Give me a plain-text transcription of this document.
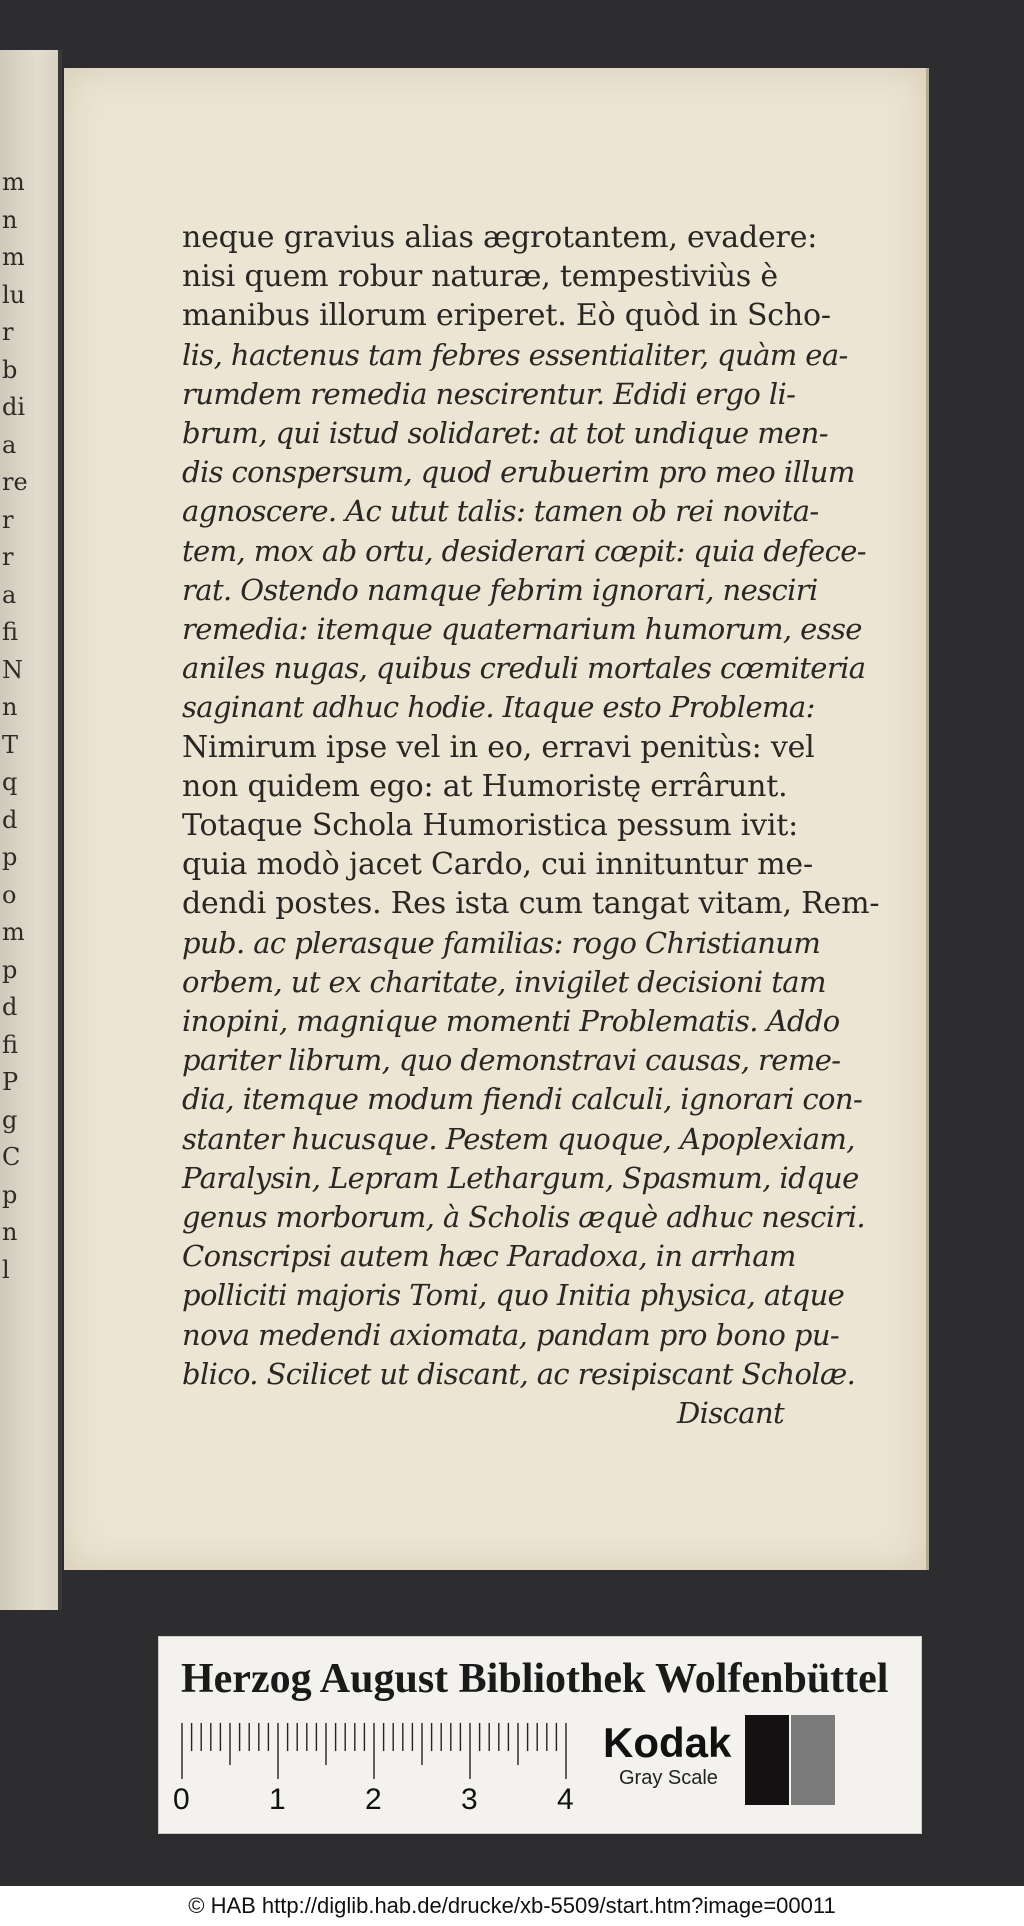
m
n
m
lu
r
b
di
a
re
r
r
a
fi
N
n
T
q
d
p
o
m
p
d
fi
P
g
C
p
n
l
neque gravius alias ægrotantem, evadere:
nisi quem robur naturæ, tempestiviùs è
manibus illorum eriperet. Eò quòd in Scho-
lis, hactenus tam febres essentialiter, quàm ea-
rumdem remedia nescirentur. Edidi ergo li-
brum, qui istud solidaret: at tot undique men-
dis conspersum, quod erubuerim pro meo illum
agnoscere. Ac utut talis: tamen ob rei novita-
tem, mox ab ortu, desiderari cœpit: quia defece-
rat. Ostendo namque febrim ignorari, nesciri
remedia: itemque quaternarium humorum, esse
aniles nugas, quibus creduli mortales cœmiteria
saginant adhuc hodie. Itaque esto Problema:
Nimirum ipse vel in eo, erravi penitùs: vel
non quidem ego: at Humoristę errârunt.
Totaque Schola Humoristica pessum ivit:
quia modò jacet Cardo, cui innituntur me-
dendi postes. Res ista cum tangat vitam, Rem-
pub. ac plerasque familias: rogo Christianum
orbem, ut ex charitate, invigilet decisioni tam
inopini, magnique momenti Problematis. Addo
pariter librum, quo demonstravi causas, reme-
dia, itemque modum fiendi calculi, ignorari con-
stanter hucusque. Pestem quoque, Apoplexiam,
Paralysin, Lepram Lethargum, Spasmum, idque
genus morborum, à Scholis æquè adhuc nesciri.
Conscripsi autem hæc Paradoxa, in arrham
polliciti majoris Tomi, quo Initia physica, atque
nova medendi axiomata, pandam pro bono pu-
blico. Scilicet ut discant, ac resipiscant Scholæ.
Discant
Herzog August Bibliothek Wolfenbüttel
0	1	2	3	4
Kodak
Gray Scale
© HAB http://diglib.hab.de/drucke/xb-5509/start.htm?image=00011
